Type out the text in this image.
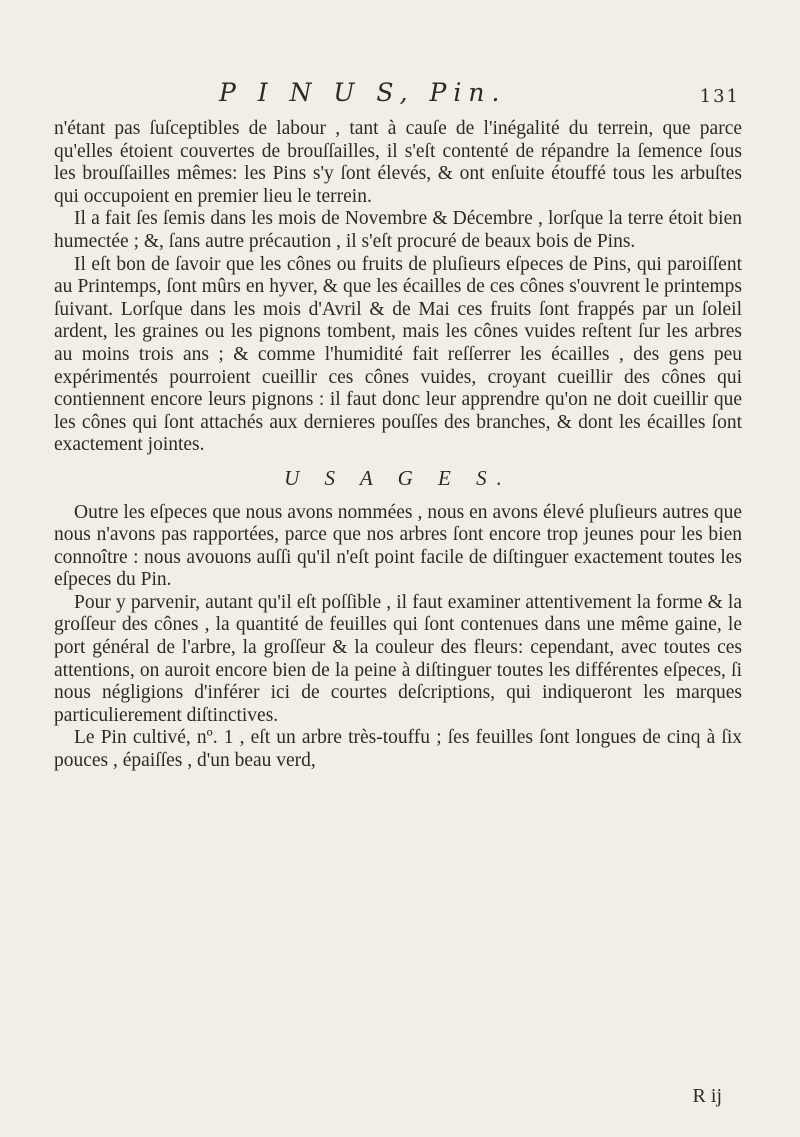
P I N U S, Pin.	131

n'étant pas ſuſceptibles de labour , tant à cauſe de l'inégalité du terrein, que parce qu'elles étoient couvertes de brouſſailles, il s'eſt contenté de répandre la ſemence ſous les brouſſailles mêmes: les Pins s'y ſont élevés, & ont enſuite étouffé tous les arbuſtes qui occupoient en premier lieu le terrein.

Il a fait ſes ſemis dans les mois de Novembre & Décembre , lorſque la terre étoit bien humectée ; &, ſans autre précaution , il s'eſt procuré de beaux bois de Pins.

Il eſt bon de ſavoir que les cônes ou fruits de pluſieurs eſpeces de Pins, qui paroiſſent au Printemps, ſont mûrs en hyver, & que les écailles de ces cônes s'ouvrent le printemps ſuivant. Lorſque dans les mois d'Avril & de Mai ces fruits ſont frappés par un ſoleil ardent, les graines ou les pignons tombent, mais les cônes vuides reſtent ſur les arbres au moins trois ans ; & comme l'humidité fait reſſerrer les écailles , des gens peu expérimentés pourroient cueillir ces cônes vuides, croyant cueillir des cônes qui contiennent encore leurs pignons : il faut donc leur apprendre qu'on ne doit cueillir que les cônes qui ſont attachés aux dernieres pouſſes des branches, & dont les écailles ſont exactement jointes.

U S A G E S.

Outre les eſpeces que nous avons nommées , nous en avons élevé pluſieurs autres que nous n'avons pas rapportées, parce que nos arbres ſont encore trop jeunes pour les bien connoître : nous avouons auſſi qu'il n'eſt point facile de diſtinguer exactement toutes les eſpeces du Pin.

Pour y parvenir, autant qu'il eſt poſſible , il faut examiner attentivement la forme & la groſſeur des cônes , la quantité de feuilles qui ſont contenues dans une même gaine, le port général de l'arbre, la groſſeur & la couleur des fleurs: cependant, avec toutes ces attentions, on auroit encore bien de la peine à diſtinguer toutes les différentes eſpeces, ſi nous négligions d'inférer ici de courtes deſcriptions, qui indiqueront les marques particulierement diſtinctives.

Le Pin cultivé, nº. 1 , eſt un arbre très-touffu ; ſes feuilles ſont longues de cinq à ſix pouces , épaiſſes , d'un beau verd,

R ij
